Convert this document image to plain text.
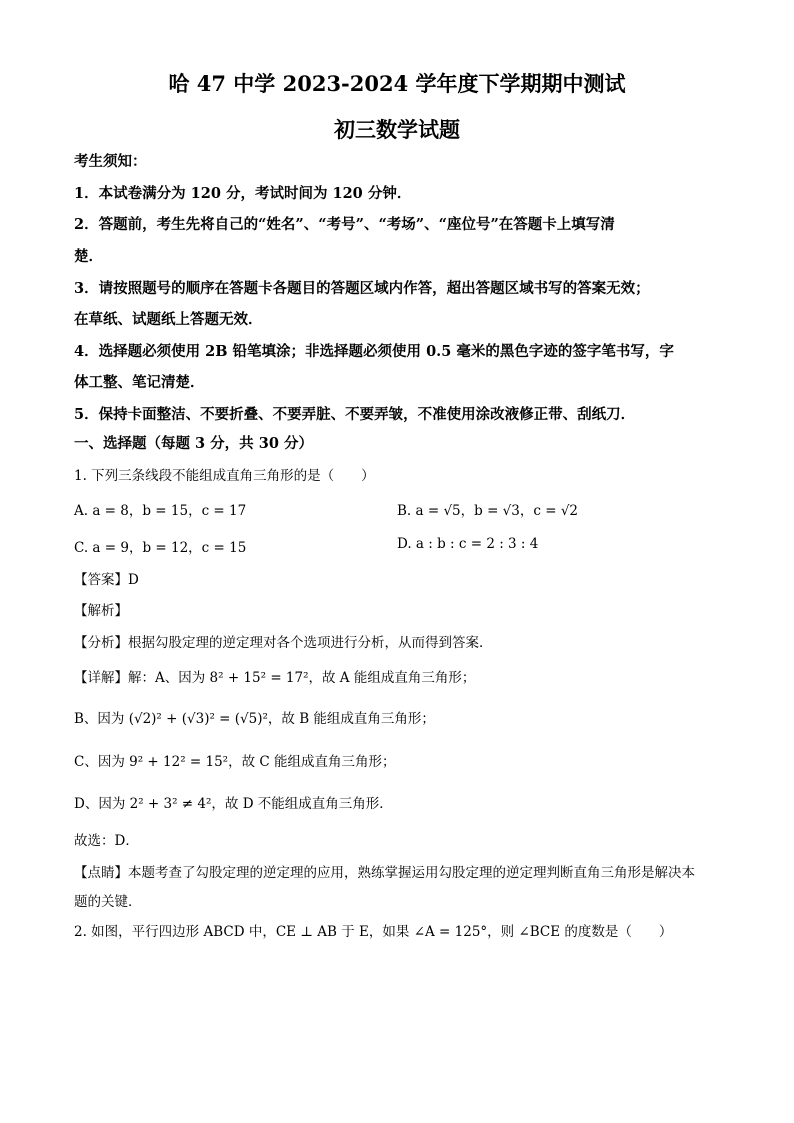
哈 47 中学 2023-2024 学年度下学期期中测试
初三数学试题
考生须知：
1．本试卷满分为 120 分，考试时间为 120 分钟．
2．答题前，考生先将自己的“姓名”、“考号”、“考场”、“座位号”在答题卡上填写清
楚．
3．请按照题号的顺序在答题卡各题目的答题区域内作答，超出答题区域书写的答案无效；
在草纸、试题纸上答题无效．
4．选择题必须使用 2B 铅笔填涂；非选择题必须使用 0.5 毫米的黑色字迹的签字笔书写，字
体工整、笔记清楚．
5．保持卡面整洁、不要折叠、不要弄脏、不要弄皱，不准使用涂改液修正带、刮纸刀．
一、选择题（每题 3 分，共 30 分）
1. 下列三条线段不能组成直角三角形的是（　　）
A. a = 8，b = 15，c = 17	B. a = √5，b = √3，c = √2
C. a = 9，b = 12，c = 15	D. a : b : c = 2 : 3 : 4
【答案】D
【解析】
【分析】根据勾股定理的逆定理对各个选项进行分析，从而得到答案．
【详解】解：A、因为 8² + 15² = 17²，故 A 能组成直角三角形；
B、因为 (√2)² + (√3)² = (√5)²，故 B 能组成直角三角形；
C、因为 9² + 12² = 15²，故 C 能组成直角三角形；
D、因为 2² + 3² ≠ 4²，故 D 不能组成直角三角形．
故选：D．
【点睛】本题考查了勾股定理的逆定理的应用，熟练掌握运用勾股定理的逆定理判断直角三角形是解决本
题的关键．
2. 如图，平行四边形 ABCD 中，CE ⊥ AB 于 E，如果 ∠A = 125°，则 ∠BCE 的度数是（　　）
